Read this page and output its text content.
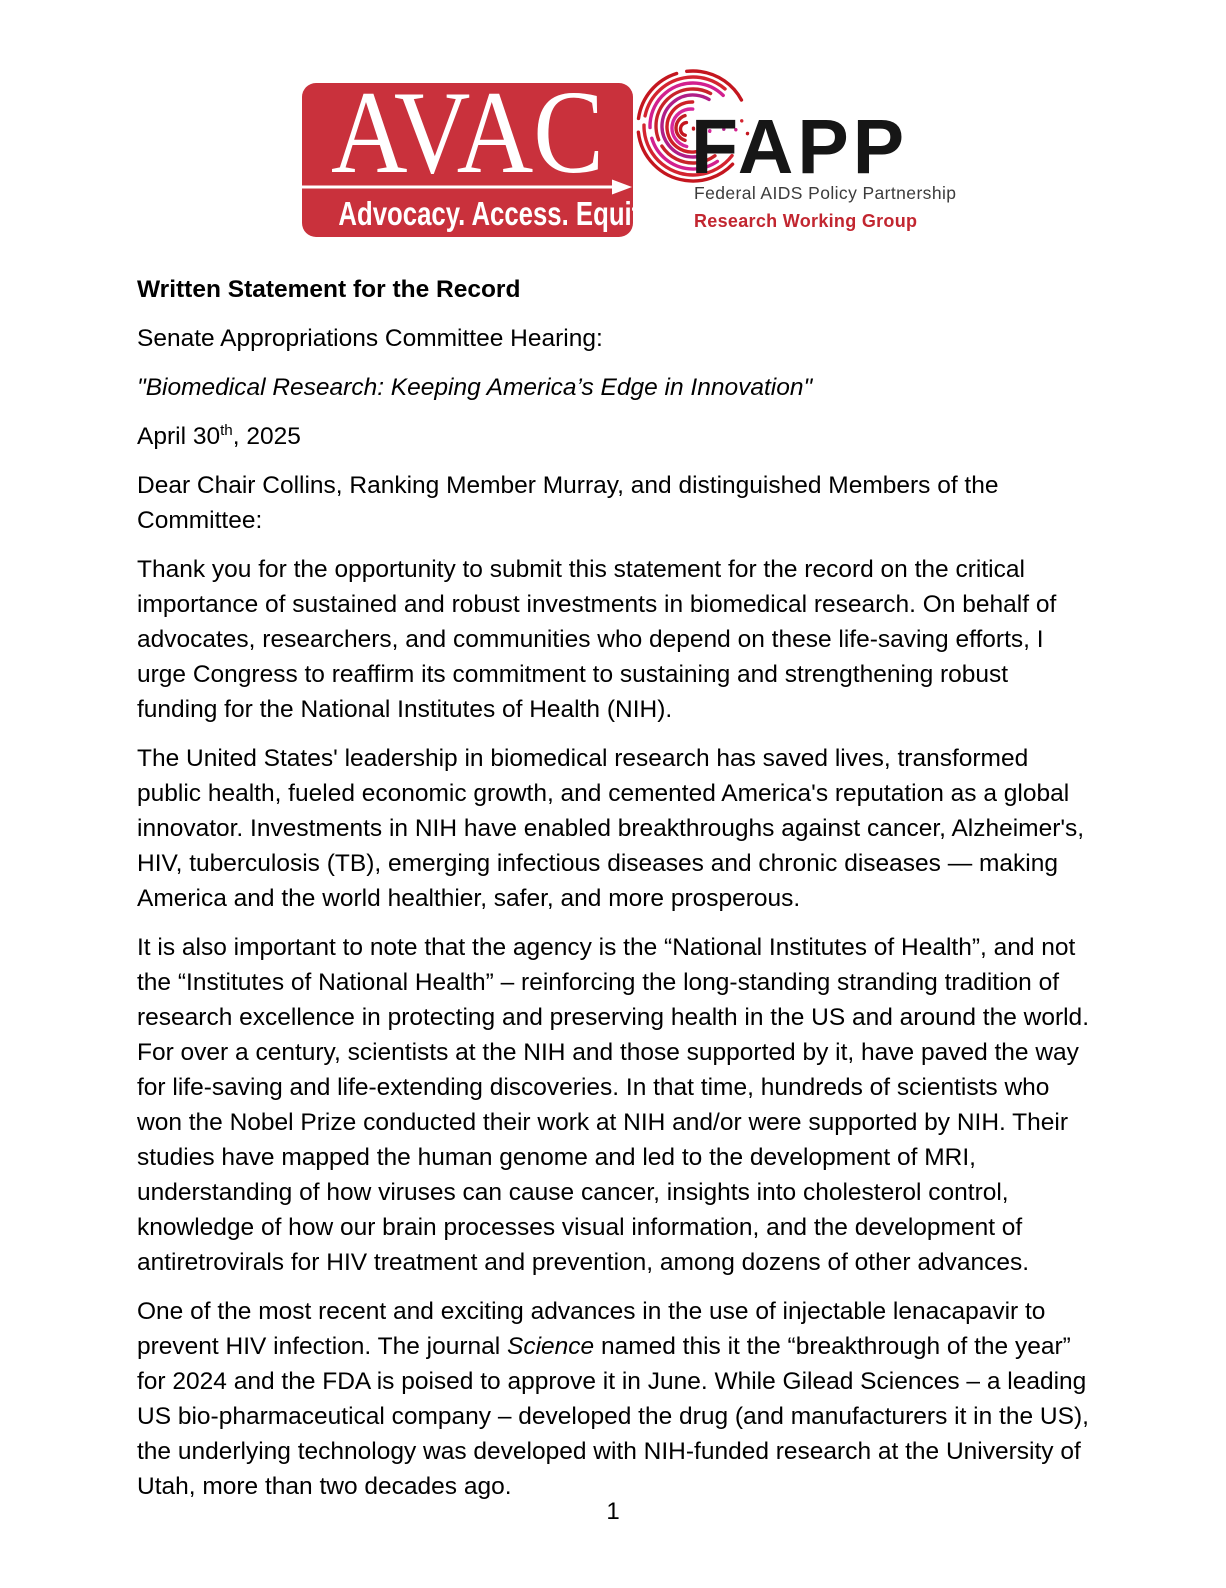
AVAC
Advocacy. Access. Equity.
FAPP
Federal AIDS Policy Partnership
Research Working Group

Written Statement for the Record

Senate Appropriations Committee Hearing:

"Biomedical Research: Keeping America’s Edge in Innovation"

April 30th, 2025

Dear Chair Collins, Ranking Member Murray, and distinguished Members of the Committee:

Thank you for the opportunity to submit this statement for the record on the critical importance of sustained and robust investments in biomedical research. On behalf of advocates, researchers, and communities who depend on these life-saving efforts, I urge Congress to reaffirm its commitment to sustaining and strengthening robust funding for the National Institutes of Health (NIH).

The United States' leadership in biomedical research has saved lives, transformed public health, fueled economic growth, and cemented America's reputation as a global innovator. Investments in NIH have enabled breakthroughs against cancer, Alzheimer's, HIV, tuberculosis (TB), emerging infectious diseases and chronic diseases — making America and the world healthier, safer, and more prosperous.

It is also important to note that the agency is the “National Institutes of Health”, and not the “Institutes of National Health” – reinforcing the long-standing stranding tradition of research excellence in protecting and preserving health in the US and around the world. For over a century, scientists at the NIH and those supported by it, have paved the way for life-saving and life-extending discoveries. In that time, hundreds of scientists who won the Nobel Prize conducted their work at NIH and/or were supported by NIH. Their studies have mapped the human genome and led to the development of MRI, understanding of how viruses can cause cancer, insights into cholesterol control, knowledge of how our brain processes visual information, and the development of antiretrovirals for HIV treatment and prevention, among dozens of other advances.

One of the most recent and exciting advances in the use of injectable lenacapavir to prevent HIV infection. The journal Science named this it the “breakthrough of the year” for 2024 and the FDA is poised to approve it in June. While Gilead Sciences – a leading US bio-pharmaceutical company – developed the drug (and manufacturers it in the US), the underlying technology was developed with NIH-funded research at the University of Utah, more than two decades ago.

1
